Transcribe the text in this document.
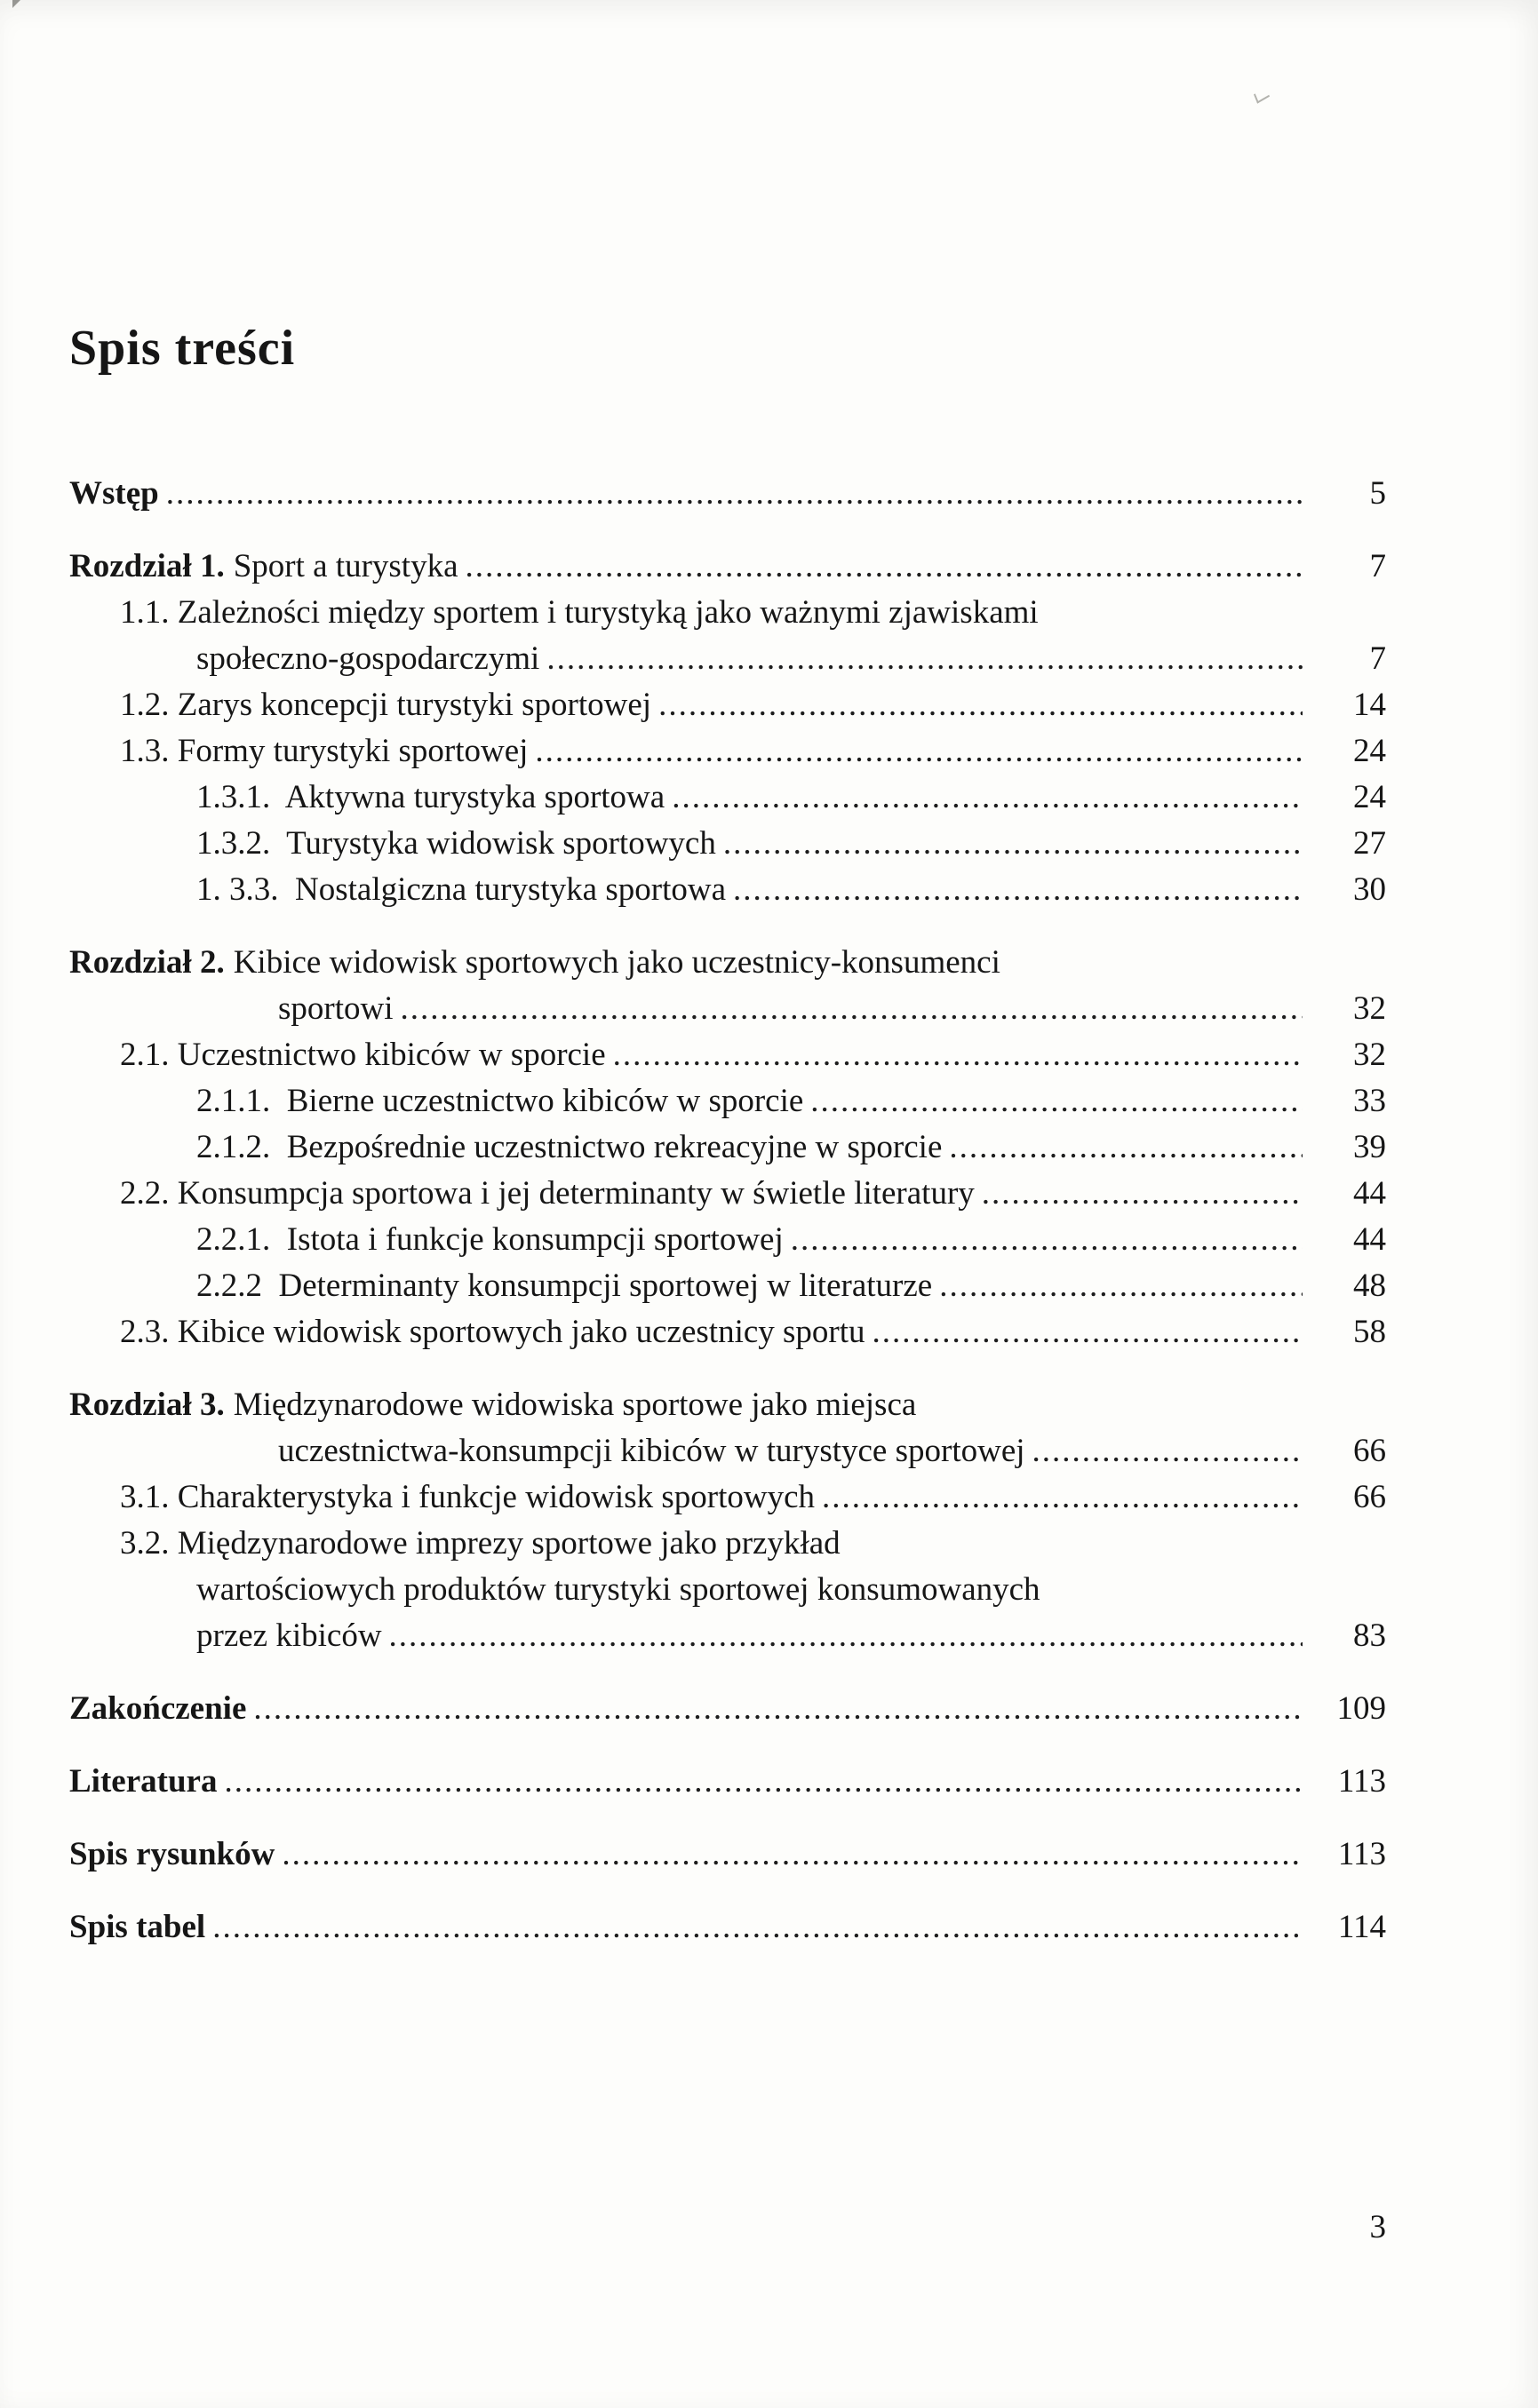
Spis treści
Wstęp .....	5
Rozdział 1. Sport a turystyka .....	7
1.1. Zależności między sportem i turystyką jako ważnymi zjawiskami
społeczno-gospodarczymi .....	7
1.2. Zarys koncepcji turystyki sportowej .....	14
1.3. Formy turystyki sportowej .....	24
1.3.1.  Aktywna turystyka sportowa .....	24
1.3.2.  Turystyka widowisk sportowych .....	27
1. 3.3.  Nostalgiczna turystyka sportowa .....	30
Rozdział 2. Kibice widowisk sportowych jako uczestnicy-konsumenci
sportowi .....	32
2.1. Uczestnictwo kibiców w sporcie .....	32
2.1.1.  Bierne uczestnictwo kibiców w sporcie .....	33
2.1.2.  Bezpośrednie uczestnictwo rekreacyjne w sporcie .....	39
2.2. Konsumpcja sportowa i jej determinanty w świetle literatury .....	44
2.2.1.  Istota i funkcje konsumpcji sportowej .....	44
2.2.2  Determinanty konsumpcji sportowej w literaturze .....	48
2.3. Kibice widowisk sportowych jako uczestnicy sportu .....	58
Rozdział 3. Międzynarodowe widowiska sportowe jako miejsca
uczestnictwa-konsumpcji kibiców w turystyce sportowej .....	66
3.1. Charakterystyka i funkcje widowisk sportowych .....	66
3.2. Międzynarodowe imprezy sportowe jako przykład
wartościowych produktów turystyki sportowej konsumowanych
przez kibiców .....	83
Zakończenie .....	109
Literatura .....	113
Spis rysunków .....	113
Spis tabel .....	114
3
